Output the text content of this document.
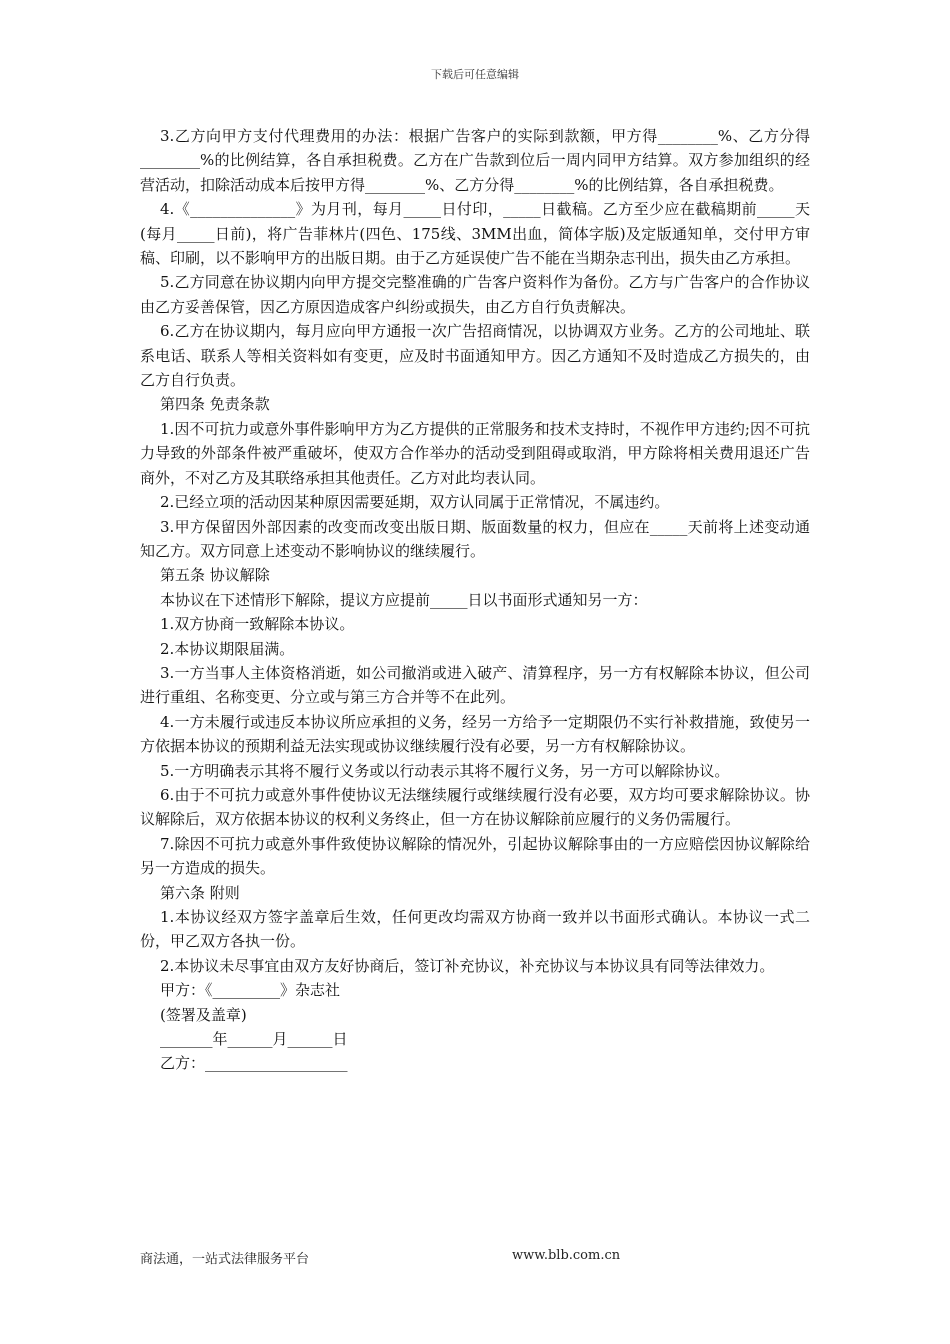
下载后可任意编辑

3.乙方向甲方支付代理费用的办法：根据广告客户的实际到款额，甲方得________%、乙方分得________%的比例结算，各自承担税费。乙方在广告款到位后一周内同甲方结算。双方参加组织的经营活动，扣除活动成本后按甲方得________%、乙方分得________%的比例结算，各自承担税费。

4.《______________》为月刊，每月_____日付印，_____日截稿。乙方至少应在截稿期前_____天(每月_____日前)，将广告菲林片(四色、175线、3MM出血，简体字版)及定版通知单，交付甲方审稿、印刷，以不影响甲方的出版日期。由于乙方延误使广告不能在当期杂志刊出，损失由乙方承担。

5.乙方同意在协议期内向甲方提交完整准确的广告客户资料作为备份。乙方与广告客户的合作协议由乙方妥善保管，因乙方原因造成客户纠纷或损失，由乙方自行负责解决。

6.乙方在协议期内，每月应向甲方通报一次广告招商情况，以协调双方业务。乙方的公司地址、联系电话、联系人等相关资料如有变更，应及时书面通知甲方。因乙方通知不及时造成乙方损失的，由乙方自行负责。

第四条 免责条款

1.因不可抗力或意外事件影响甲方为乙方提供的正常服务和技术支持时，不视作甲方违约;因不可抗力导致的外部条件被严重破坏，使双方合作举办的活动受到阻碍或取消，甲方除将相关费用退还广告商外，不对乙方及其联络承担其他责任。乙方对此均表认同。

2.已经立项的活动因某种原因需要延期，双方认同属于正常情况，不属违约。

3.甲方保留因外部因素的改变而改变出版日期、版面数量的权力，但应在_____天前将上述变动通知乙方。双方同意上述变动不影响协议的继续履行。

第五条 协议解除

本协议在下述情形下解除，提议方应提前_____日以书面形式通知另一方：

1.双方协商一致解除本协议。

2.本协议期限届满。

3.一方当事人主体资格消逝，如公司撤消或进入破产、清算程序，另一方有权解除本协议，但公司进行重组、名称变更、分立或与第三方合并等不在此列。

4.一方未履行或违反本协议所应承担的义务，经另一方给予一定期限仍不实行补救措施，致使另一方依据本协议的预期利益无法实现或协议继续履行没有必要，另一方有权解除协议。

5.一方明确表示其将不履行义务或以行动表示其将不履行义务，另一方可以解除协议。

6.由于不可抗力或意外事件使协议无法继续履行或继续履行没有必要，双方均可要求解除协议。协议解除后，双方依据本协议的权利义务终止，但一方在协议解除前应履行的义务仍需履行。

7.除因不可抗力或意外事件致使协议解除的情况外，引起协议解除事由的一方应赔偿因协议解除给另一方造成的损失。

第六条 附则

1.本协议经双方签字盖章后生效，任何更改均需双方协商一致并以书面形式确认。本协议一式二份，甲乙双方各执一份。

2.本协议未尽事宜由双方友好协商后，签订补充协议，补充协议与本协议具有同等法律效力。

甲方：《_________》杂志社

(签署及盖章)

_______年______月______日

乙方：___________________

商法通，一站式法律服务平台	www.blb.com.cn
